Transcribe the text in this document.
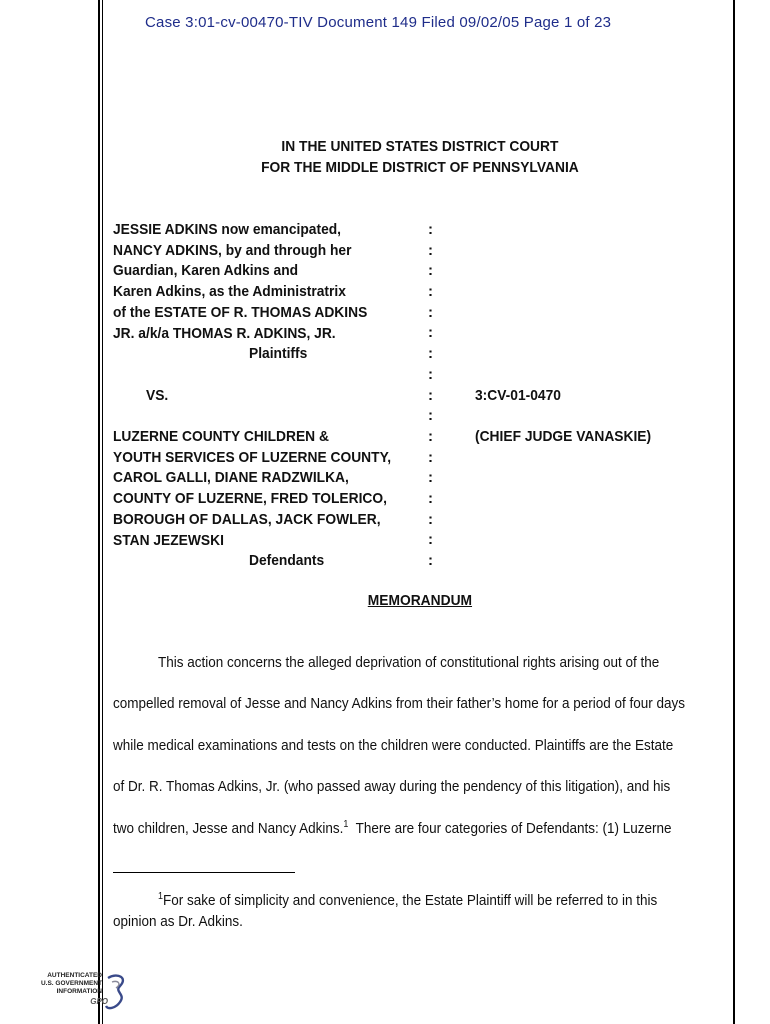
Case 3:01-cv-00470-TIV Document 149 Filed 09/02/05 Page 1 of 23
IN THE UNITED STATES DISTRICT COURT
FOR THE MIDDLE DISTRICT OF PENNSYLVANIA
JESSIE ADKINS now emancipated,
NANCY ADKINS, by and through her
Guardian, Karen Adkins and
Karen Adkins, as the Administratrix
of the ESTATE OF R. THOMAS ADKINS
JR. a/k/a THOMAS R. ADKINS, JR.
Plaintiffs
VS.
LUZERNE COUNTY CHILDREN &
YOUTH SERVICES OF LUZERNE COUNTY,
CAROL GALLI, DIANE RADZWILKA,
COUNTY OF LUZERNE, FRED TOLERICO,
BOROUGH OF DALLAS, JACK FOWLER,
STAN JEZEWSKI
Defendants
:
:
:
:
:
:
:
:
:
:
:
:
:
:
:
:
:
3:CV-01-0470
(CHIEF JUDGE VANASKIE)
MEMORANDUM
This action concerns the alleged deprivation of constitutional rights arising out of the
compelled removal of Jesse and Nancy Adkins from their father’s home for a period of four days
while medical examinations and tests on the children were conducted. Plaintiffs are the Estate
of Dr. R. Thomas Adkins, Jr. (who passed away during the pendency of this litigation), and his
two children, Jesse and Nancy Adkins.$^1$  There are four categories of Defendants: (1) Luzerne
$^1$For sake of simplicity and convenience, the Estate Plaintiff will be referred to in this
opinion as Dr. Adkins.
AUTHENTICATED
U.S. GOVERNMENT
INFORMATION
GPO
